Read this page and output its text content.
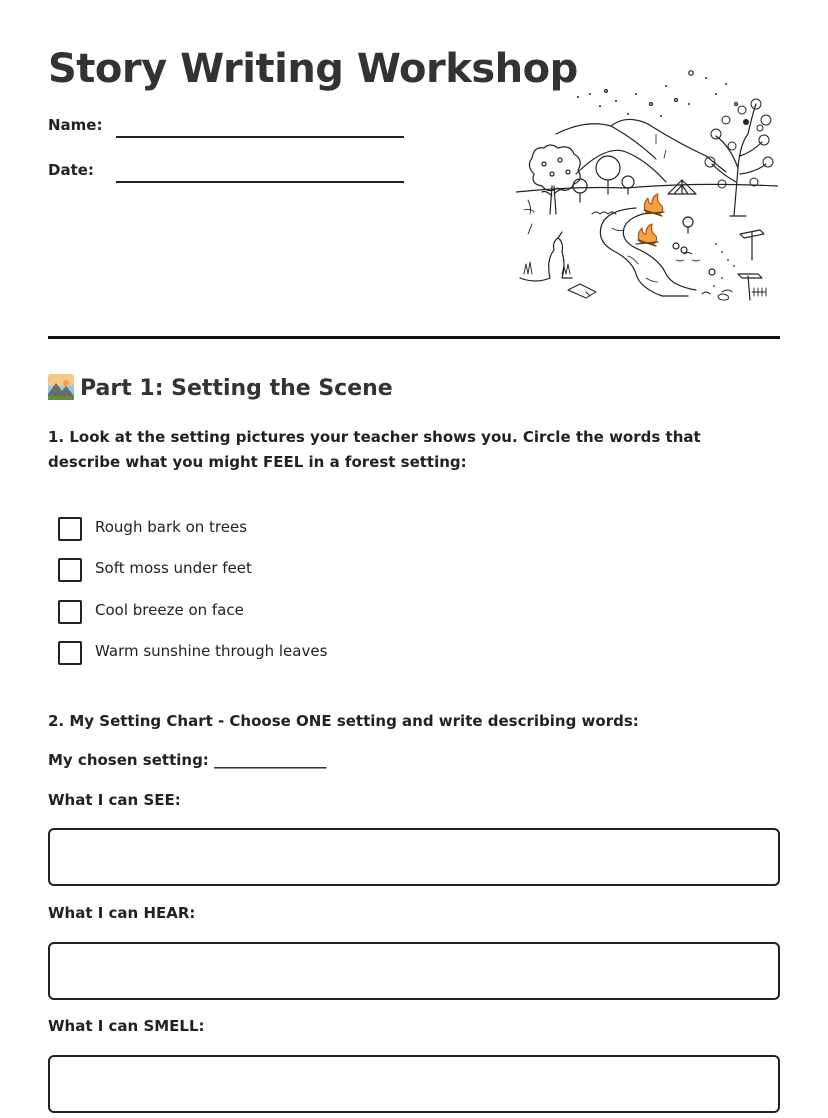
Story Writing Workshop
Name:
Date:
Part 1: Setting the Scene
1. Look at the setting pictures your teacher shows you. Circle the words that describe what you might FEEL in a forest setting:
Rough bark on trees
Soft moss under feet
Cool breeze on face
Warm sunshine through leaves
2. My Setting Chart - Choose ONE setting and write describing words:
My chosen setting: _______________
What I can SEE:
What I can HEAR:
What I can SMELL:
